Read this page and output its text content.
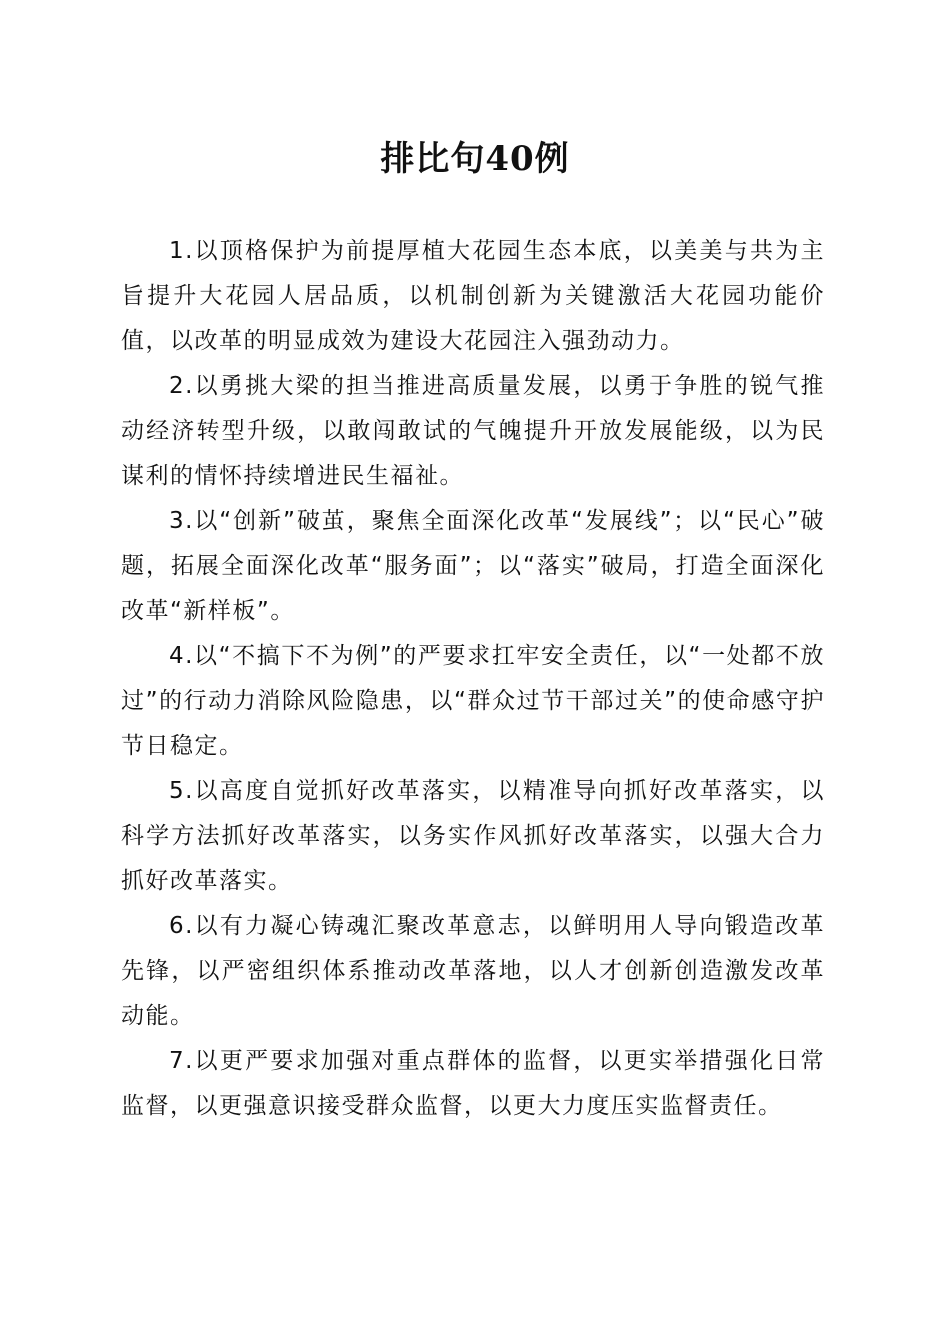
排比句40例

1.以顶格保护为前提厚植大花园生态本底，以美美与共为主旨提升大花园人居品质，以机制创新为关键激活大花园功能价值，以改革的明显成效为建设大花园注入强劲动力。

2.以勇挑大梁的担当推进高质量发展，以勇于争胜的锐气推动经济转型升级，以敢闯敢试的气魄提升开放发展能级，以为民谋利的情怀持续增进民生福祉。

3.以“创新”破茧，聚焦全面深化改革“发展线”；以“民心”破题，拓展全面深化改革“服务面”；以“落实”破局，打造全面深化改革“新样板”。

4.以“不搞下不为例”的严要求扛牢安全责任，以“一处都不放过”的行动力消除风险隐患，以“群众过节干部过关”的使命感守护节日稳定。

5.以高度自觉抓好改革落实，以精准导向抓好改革落实，以科学方法抓好改革落实，以务实作风抓好改革落实，以强大合力抓好改革落实。

6.以有力凝心铸魂汇聚改革意志，以鲜明用人导向锻造改革先锋，以严密组织体系推动改革落地，以人才创新创造激发改革动能。

7.以更严要求加强对重点群体的监督，以更实举措强化日常监督，以更强意识接受群众监督，以更大力度压实监督责任。
